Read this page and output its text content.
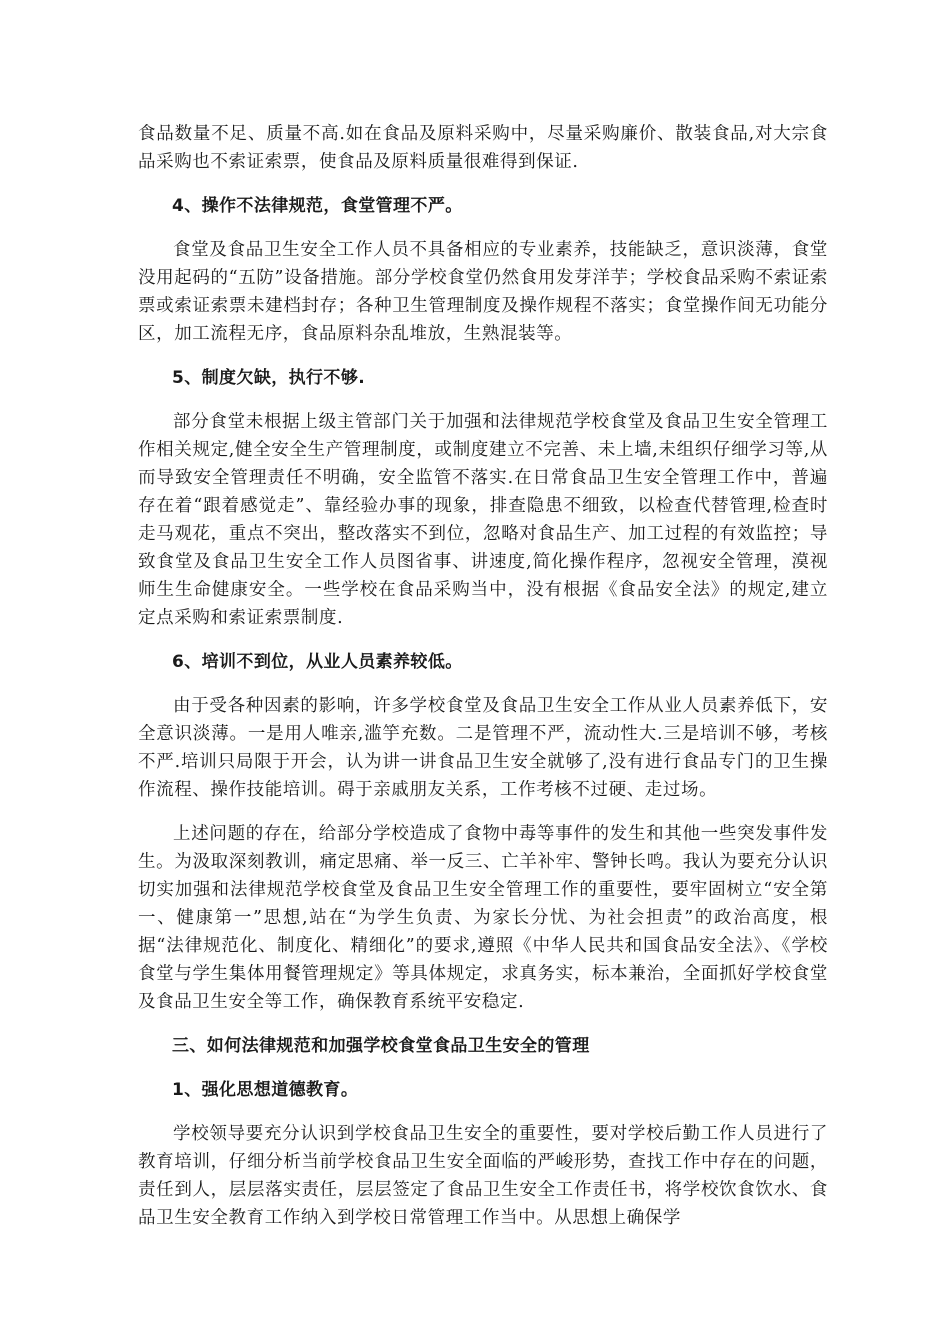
食品数量不足、质量不高.如在食品及原料采购中，尽量采购廉价、散装食品,对大宗食品采购也不索证索票，使食品及原料质量很难得到保证.

4、操作不法律规范，食堂管理不严。

食堂及食品卫生安全工作人员不具备相应的专业素养，技能缺乏，意识淡薄，食堂没用起码的“五防”设备措施。部分学校食堂仍然食用发芽洋芋；学校食品采购不索证索票或索证索票未建档封存；各种卫生管理制度及操作规程不落实；食堂操作间无功能分区，加工流程无序，食品原料杂乱堆放，生熟混装等。

5、制度欠缺，执行不够.

部分食堂未根据上级主管部门关于加强和法律规范学校食堂及食品卫生安全管理工作相关规定,健全安全生产管理制度，或制度建立不完善、未上墙,未组织仔细学习等,从而导致安全管理责任不明确，安全监管不落实.在日常食品卫生安全管理工作中，普遍存在着“跟着感觉走”、靠经验办事的现象，排查隐患不细致，以检查代替管理,检查时走马观花，重点不突出，整改落实不到位，忽略对食品生产、加工过程的有效监控；导致食堂及食品卫生安全工作人员图省事、讲速度,简化操作程序，忽视安全管理，漠视师生生命健康安全。一些学校在食品采购当中，没有根据《食品安全法》的规定,建立定点采购和索证索票制度.

6、培训不到位，从业人员素养较低。

由于受各种因素的影响，许多学校食堂及食品卫生安全工作从业人员素养低下，安全意识淡薄。一是用人唯亲,滥竽充数。二是管理不严，流动性大.三是培训不够，考核不严.培训只局限于开会，认为讲一讲食品卫生安全就够了,没有进行食品专门的卫生操作流程、操作技能培训。碍于亲戚朋友关系，工作考核不过硬、走过场。

上述问题的存在，给部分学校造成了食物中毒等事件的发生和其他一些突发事件发生。为汲取深刻教训，痛定思痛、举一反三、亡羊补牢、警钟长鸣。我认为要充分认识切实加强和法律规范学校食堂及食品卫生安全管理工作的重要性，要牢固树立“安全第一、健康第一”思想,站在“为学生负责、为家长分忧、为社会担责”的政治高度，根据“法律规范化、制度化、精细化”的要求,遵照《中华人民共和国食品安全法》、《学校食堂与学生集体用餐管理规定》等具体规定，求真务实，标本兼治，全面抓好学校食堂及食品卫生安全等工作，确保教育系统平安稳定.

三、如何法律规范和加强学校食堂食品卫生安全的管理

1、强化思想道德教育。

学校领导要充分认识到学校食品卫生安全的重要性，要对学校后勤工作人员进行了教育培训，仔细分析当前学校食品卫生安全面临的严峻形势，查找工作中存在的问题，责任到人，层层落实责任，层层签定了食品卫生安全工作责任书，将学校饮食饮水、食品卫生安全教育工作纳入到学校日常管理工作当中。从思想上确保学
